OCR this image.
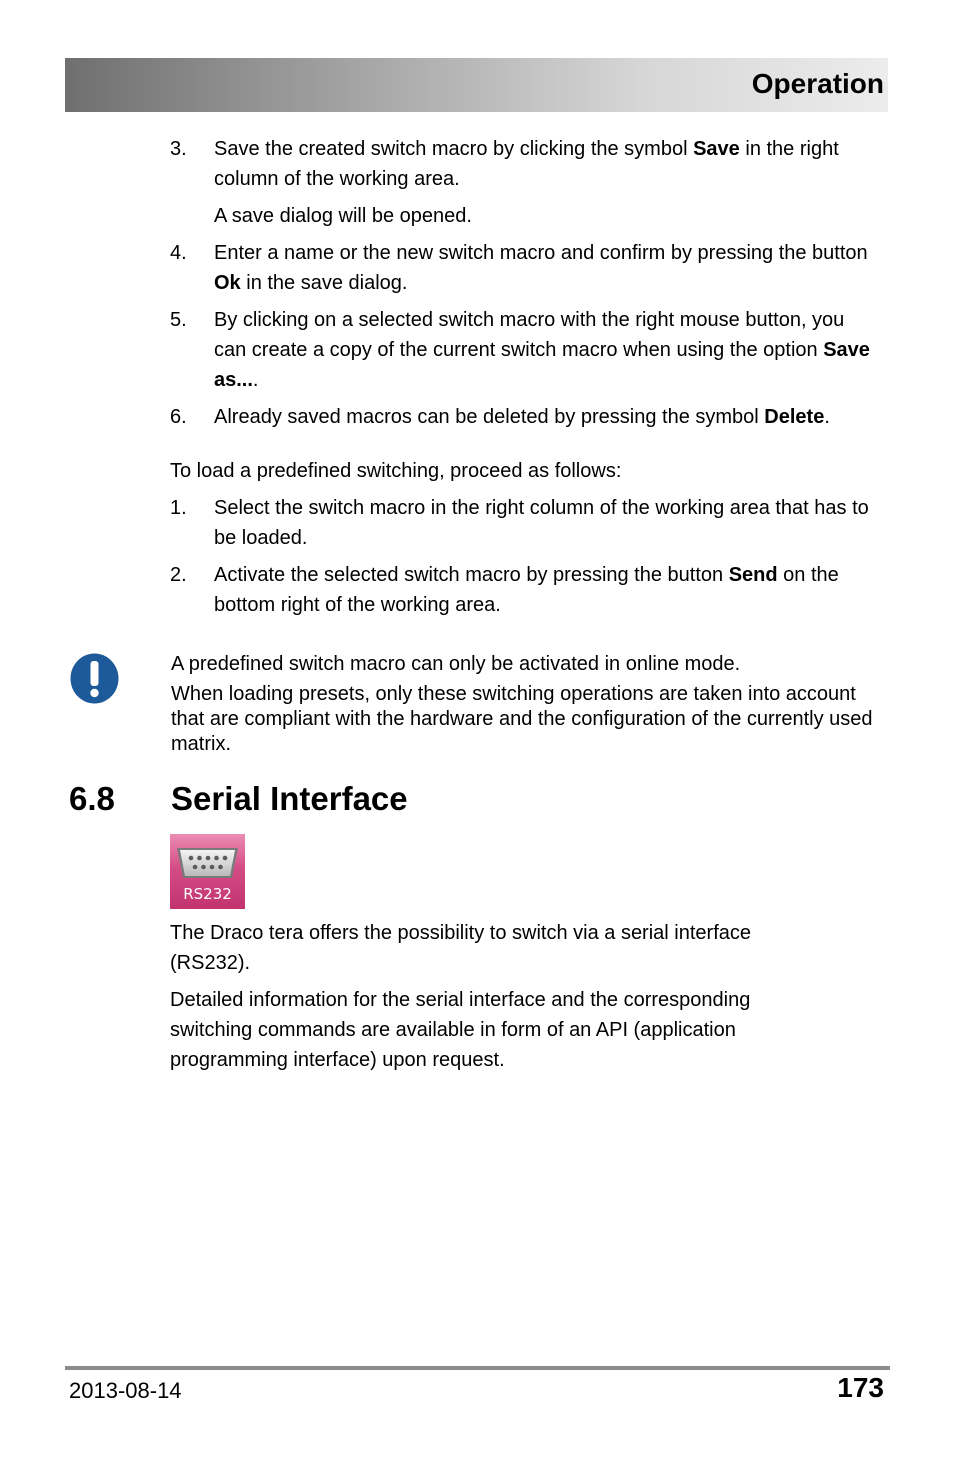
Operation
3. Save the created switch macro by clicking the symbol Save in the right column of the working area.
A save dialog will be opened.
4. Enter a name or the new switch macro and confirm by pressing the button Ok in the save dialog.
5. By clicking on a selected switch macro with the right mouse button, you can create a copy of the current switch macro when using the option Save as....
6. Already saved macros can be deleted by pressing the symbol Delete.
To load a predefined switching, proceed as follows:
1. Select the switch macro in the right column of the working area that has to be loaded.
2. Activate the selected switch macro by pressing the button Send on the bottom right of the working area.
A predefined switch macro can only be activated in online mode.
When loading presets, only these switching operations are taken into account that are compliant with the hardware and the configuration of the currently used matrix.
6.8 Serial Interface
RS232
The Draco tera offers the possibility to switch via a serial interface (RS232).
Detailed information for the serial interface and the corresponding switching commands are available in form of an API (application programming interface) upon request.
2013-08-14	173
